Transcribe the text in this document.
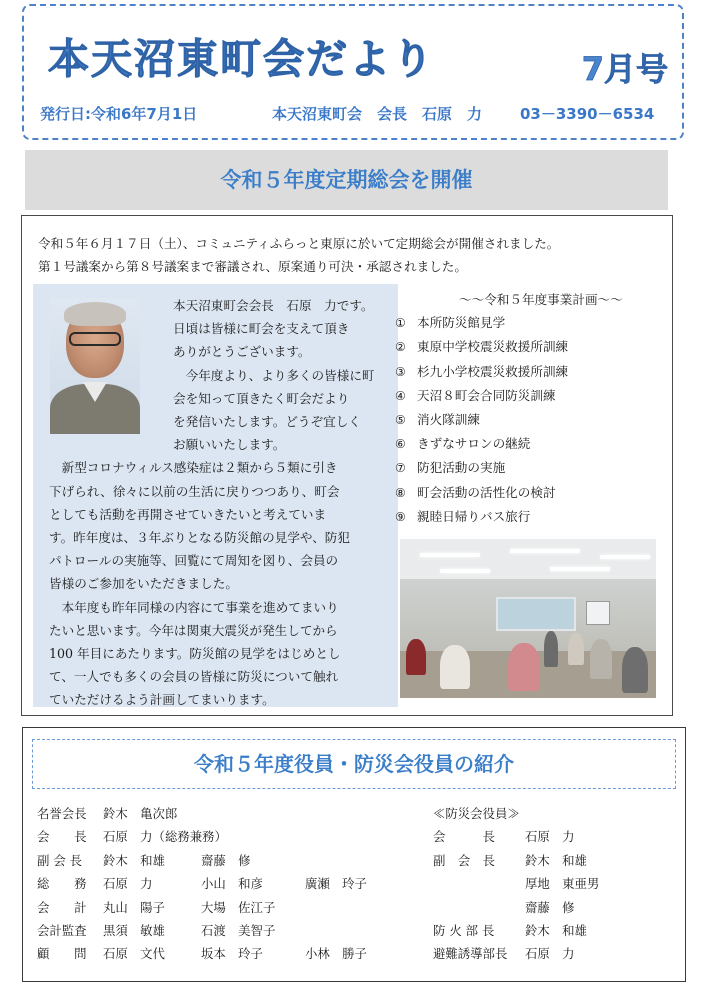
本天沼東町会だより	7月号
発行日:令和6年7月1日	本天沼東町会　会長　石原　力	03－3390－6534
令和５年度定期総会を開催

令和５年６月１７日（土）、コミュニティふらっと東原に於いて定期総会が開催されました。

第１号議案から第８号議案まで審議され、原案通り可決・承認されました。

本天沼東町会会長　石原　力です。

日頃は皆様に町会を支えて頂き

ありがとうございます。

　今年度より、より多くの皆様に町

会を知って頂きたく町会だより

を発信いたします。どうぞ宜しく

お願いいたします。

　新型コロナウィルス感染症は２類から５類に引き

下げられ、徐々に以前の生活に戻りつつあり、町会

としても活動を再開させていきたいと考えていま

す。昨年度は、３年ぶりとなる防災館の見学や、防犯

パトロールの実施等、回覧にて周知を図り、会員の

皆様のご参加をいただきました。

　本年度も昨年同様の内容にて事業を進めてまいり

たいと思います。今年は関東大震災が発生してから

100 年目にあたります。防災館の見学をはじめとし

て、一人でも多くの会員の皆様に防災について触れ

ていただけるよう計画してまいります。

～～令和５年度事業計画～～

① 本所防災館見学
② 東原中学校震災救援所訓練
③ 杉九小学校震災救援所訓練
④ 天沼８町会合同防災訓練
⑤ 消火隊訓練
⑥ きずなサロンの継続
⑦ 防犯活動の実施
⑧ 町会活動の活性化の検討
⑨ 親睦日帰りバス旅行
令和５年度役員・防災会役員の紹介
名誉会長 鈴木　亀次郎
会　　長 石原　力（総務兼務）
副 会 長 鈴木　和雄	齋藤　修
総　　務 石原　力	小山　和彦	廣瀬　玲子
会　　計 丸山　陽子	大場　佐江子
会計監査 黒須　敏雄	石渡　美智子
顧　　問 石原　文代	坂本　玲子	小林　勝子
≪防災会役員≫
会　　　長 石原　力
副　会　長 鈴木　和雄
厚地　東亜男
齋藤　修
防 火 部 長 鈴木　和雄
避難誘導部長 石原　力
